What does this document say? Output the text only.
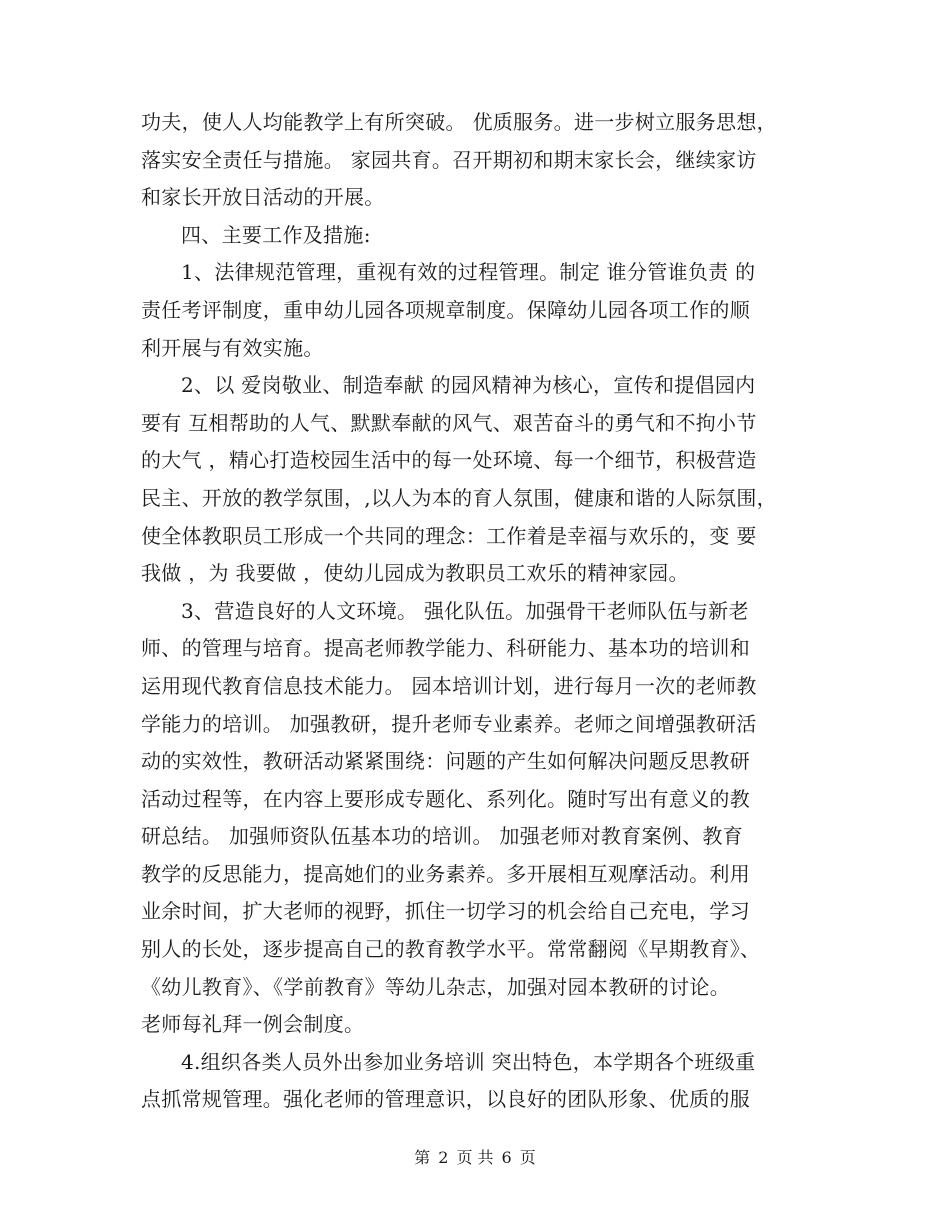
功夫，使人人均能教学上有所突破。 优质服务。进一步树立服务思想，
落实安全责任与措施。 家园共育。召开期初和期末家长会，继续家访
和家长开放日活动的开展。
四、主要工作及措施:
1、法律规范管理，重视有效的过程管理。制定 谁分管谁负责 的
责任考评制度，重申幼儿园各项规章制度。保障幼儿园各项工作的顺
利开展与有效实施。
2、以 爱岗敬业、制造奉献 的园风精神为核心，宣传和提倡园内
要有 互相帮助的人气、默默奉献的风气、艰苦奋斗的勇气和不拘小节
的大气 ，精心打造校园生活中的每一处环境、每一个细节，积极营造
民主、开放的教学氛围，,以人为本的育人氛围，健康和谐的人际氛围，
使全体教职员工形成一个共同的理念：工作着是幸福与欢乐的，变 要
我做 ，为 我要做 ，使幼儿园成为教职员工欢乐的精神家园。
3、营造良好的人文环境。 强化队伍。加强骨干老师队伍与新老
师、的管理与培育。提高老师教学能力、科研能力、基本功的培训和
运用现代教育信息技术能力。 园本培训计划，进行每月一次的老师教
学能力的培训。 加强教研，提升老师专业素养。老师之间增强教研活
动的实效性，教研活动紧紧围绕：问题的产生如何解决问题反思教研
活动过程等，在内容上要形成专题化、系列化。随时写出有意义的教
研总结。 加强师资队伍基本功的培训。 加强老师对教育案例、教育
教学的反思能力，提高她们的业务素养。多开展相互观摩活动。利用
业余时间，扩大老师的视野，抓住一切学习的机会给自己充电，学习
别人的长处，逐步提高自己的教育教学水平。常常翻阅《早期教育》、
《幼儿教育》、《学前教育》等幼儿杂志，加强对园本教研的讨论。
老师每礼拜一例会制度。
4.组织各类人员外出参加业务培训 突出特色，本学期各个班级重
点抓常规管理。强化老师的管理意识，以良好的团队形象、优质的服
第 2 页 共 6 页
